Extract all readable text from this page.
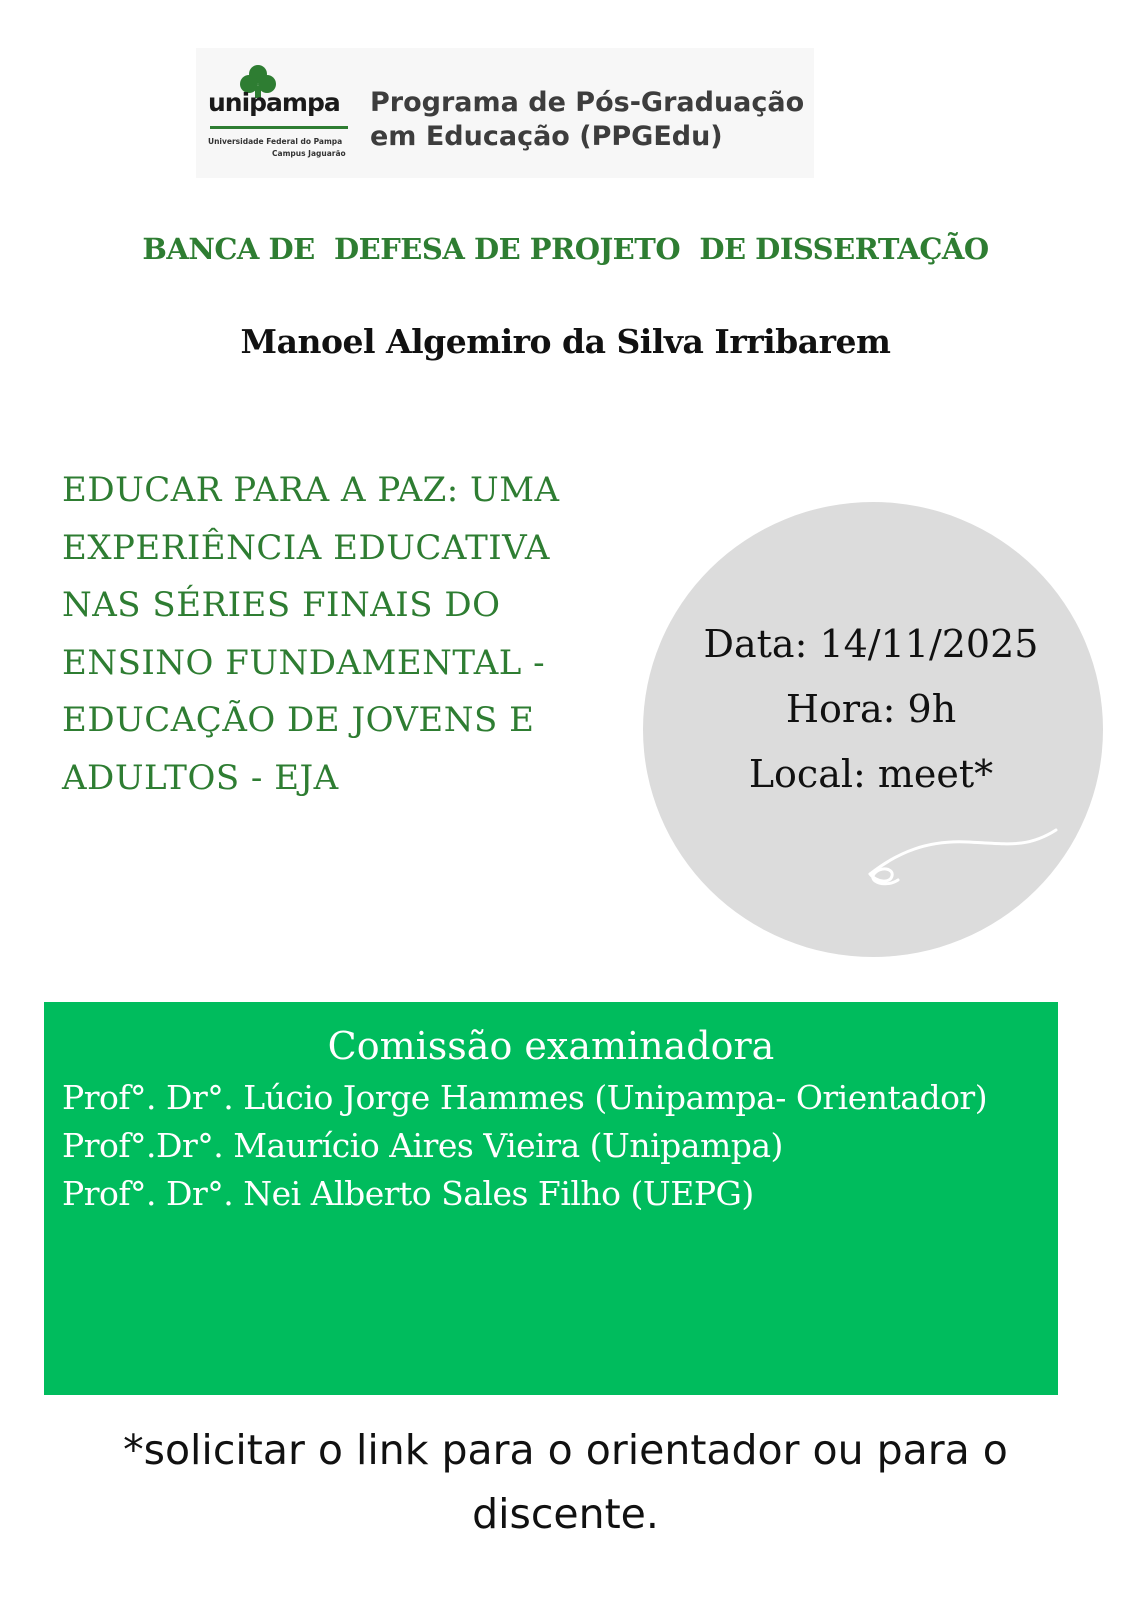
unipampa
Universidade Federal do Pampa
Campus Jaguarão
Programa de Pós-Graduação
em Educação (PPGEdu)
BANCA DE  DEFESA DE PROJETO  DE DISSERTAÇÃO
Manoel Algemiro da Silva Irribarem
EDUCAR PARA A PAZ: UMA
EXPERIÊNCIA EDUCATIVA
NAS SÉRIES FINAIS DO
ENSINO FUNDAMENTAL -
EDUCAÇÃO DE JOVENS E
ADULTOS - EJA
Data: 14/11/2025
Hora: 9h
Local: meet*
Comissão examinadora
Prof°. Dr°. Lúcio Jorge Hammes (Unipampa- Orientador)
Prof°.Dr°. Maurício Aires Vieira (Unipampa)
Prof°. Dr°. Nei Alberto Sales Filho (UEPG)
*solicitar o link para o orientador ou para o
discente.
